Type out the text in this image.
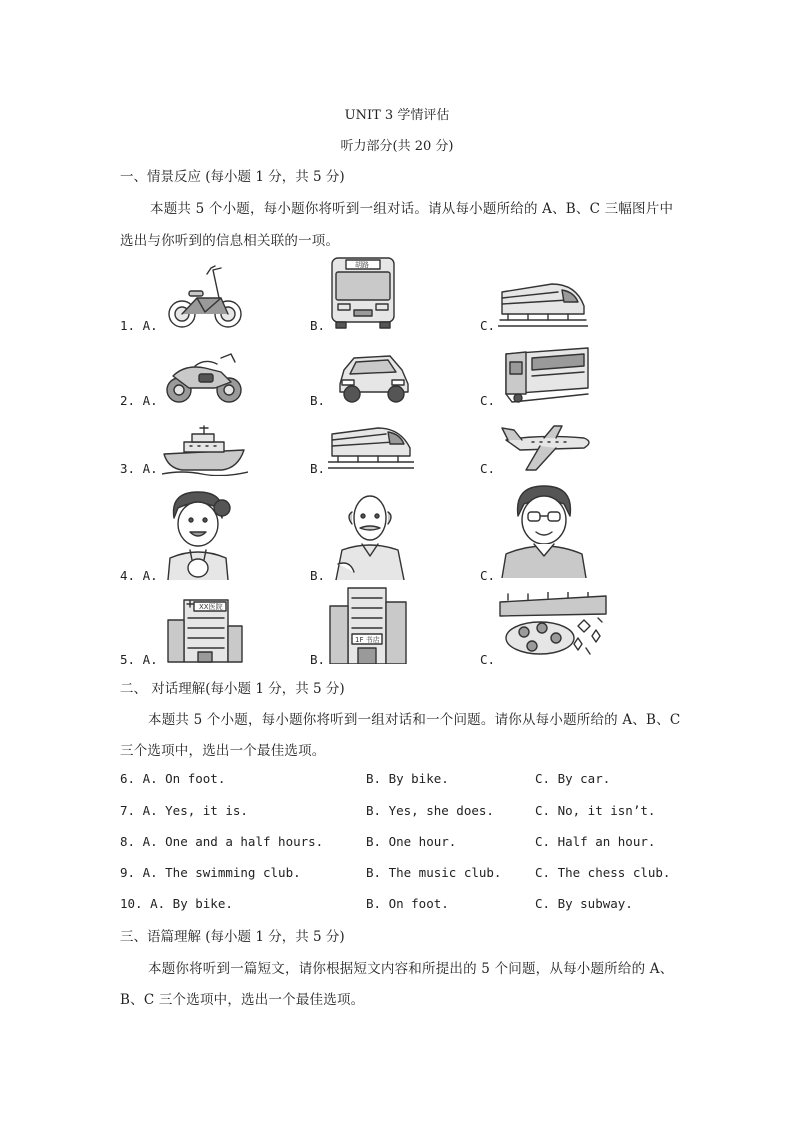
UNIT 3 学情评估
听力部分(共 20 分)
一、情景反应 (每小题 1 分，共 5 分)
本题共 5 个小题，每小题你将听到一组对话。请从每小题所给的 A、B、C 三幅图片中
选出与你听到的信息相关联的一项。
1. A.	B.	C.
胡路
2. A.	B.	C.
3. A.	B.	C.
4. A.	B.	C.
5. A.	B.	C.
XX医院
1F 书店
二、 对话理解(每小题 1 分，共 5 分)
本题共 5 个小题，每小题你将听到一组对话和一个问题。请你从每小题所给的 A、B、C
三个选项中，选出一个最佳选项。
6. A. On foot.	B. By bike.	C. By car.
7. A. Yes, it is.	B. Yes, she does.	C. No, it isn’t.
8. A. One and a half hours.	B. One hour.	C. Half an hour.
9. A. The swimming club.	B. The music club.	C. The chess club.
10. A. By bike.	B. On foot.	C. By subway.
三、语篇理解 (每小题 1 分，共 5 分)
本题你将听到一篇短文，请你根据短文内容和所提出的 5 个问题，从每小题所给的 A、
B、C 三个选项中，选出一个最佳选项。
